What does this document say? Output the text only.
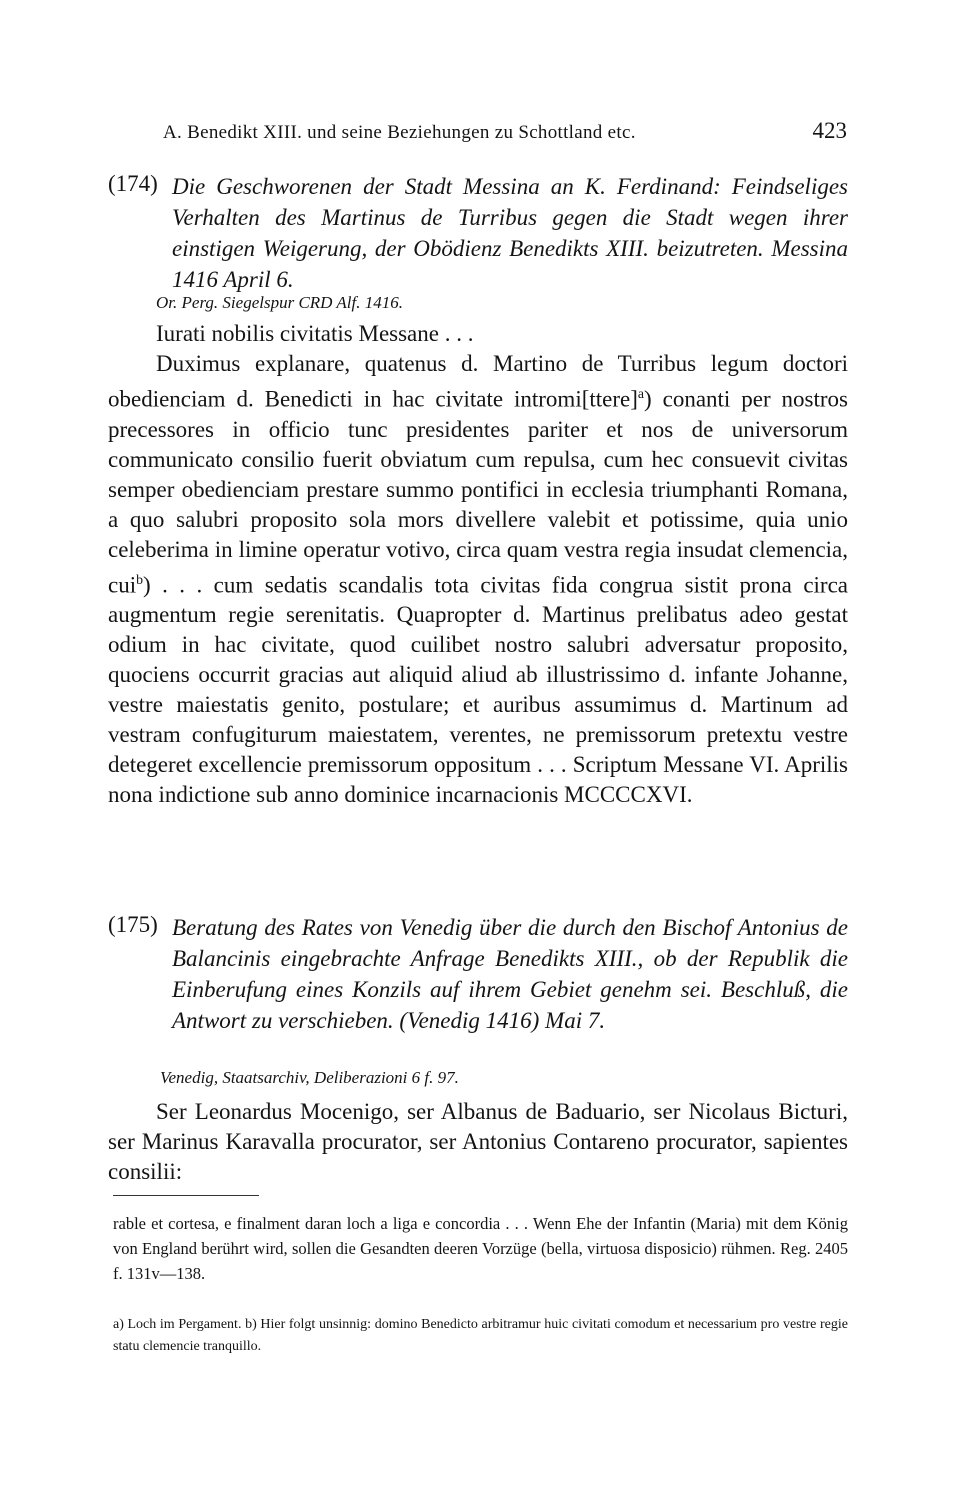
A. Benedikt XIII. und seine Beziehungen zu Schottland etc.	423
(174) Die Geschworenen der Stadt Messina an K. Ferdinand: Feindseliges Verhalten des Martinus de Turribus gegen die Stadt wegen ihrer einstigen Weigerung, der Obödienz Benedikts XIII. beizutreten. Messina 1416 April 6.
Or. Perg. Siegelspur CRD Alf. 1416.
Iurati nobilis civitatis Messane . . .
Duximus explanare, quatenus d. Martino de Turribus legum doctori obedienciam d. Benedicti in hac civitate intromi[ttere]$^a$) conanti per nostros precessores in officio tunc presidentes pariter et nos de universorum communicato consilio fuerit obviatum cum repulsa, cum hec consuevit civitas semper obedienciam prestare summo pontifici in ecclesia triumphanti Romana, a quo salubri proposito sola mors divellere valebit et potissime, quia unio celeberima in limine operatur votivo, circa quam vestra regia insudat clemencia, cui$^b$) . . . cum sedatis scandalis tota civitas fida congrua sistit prona circa augmentum regie serenitatis. Quapropter d. Martinus prelibatus adeo gestat odium in hac civitate, quod cuilibet nostro salubri adversatur proposito, quociens occurrit gracias aut aliquid aliud ab illustrissimo d. infante Johanne, vestre maiestatis genito, postulare; et auribus assumimus d. Martinum ad vestram confugiturum maiestatem, verentes, ne premissorum pretextu vestre detegeret excellencie premissorum oppositum . . . Scriptum Messane VI. Aprilis nona indictione sub anno dominice incarnacionis MCCCCXVI.
(175) Beratung des Rates von Venedig über die durch den Bischof Antonius de Balancinis eingebrachte Anfrage Benedikts XIII., ob der Republik die Einberufung eines Konzils auf ihrem Gebiet genehm sei. Beschluß, die Antwort zu verschieben. (Venedig 1416) Mai 7.
Venedig, Staatsarchiv, Deliberazioni 6 f. 97.
Ser Leonardus Mocenigo, ser Albanus de Baduario, ser Nicolaus Bicturi, ser Marinus Karavalla procurator, ser Antonius Contareno procurator, sapientes consilii:
rable et cortesa, e finalment daran loch a liga e concordia . . . Wenn Ehe der Infantin (Maria) mit dem König von England berührt wird, sollen die Gesandten deeren Vorzüge (bella, virtuosa disposicio) rühmen. Reg. 2405 f. 131v—138.
a) Loch im Pergament. b) Hier folgt unsinnig: domino Benedicto arbitramur huic civitati comodum et necessarium pro vestre regie statu clemencie tranquillo.
